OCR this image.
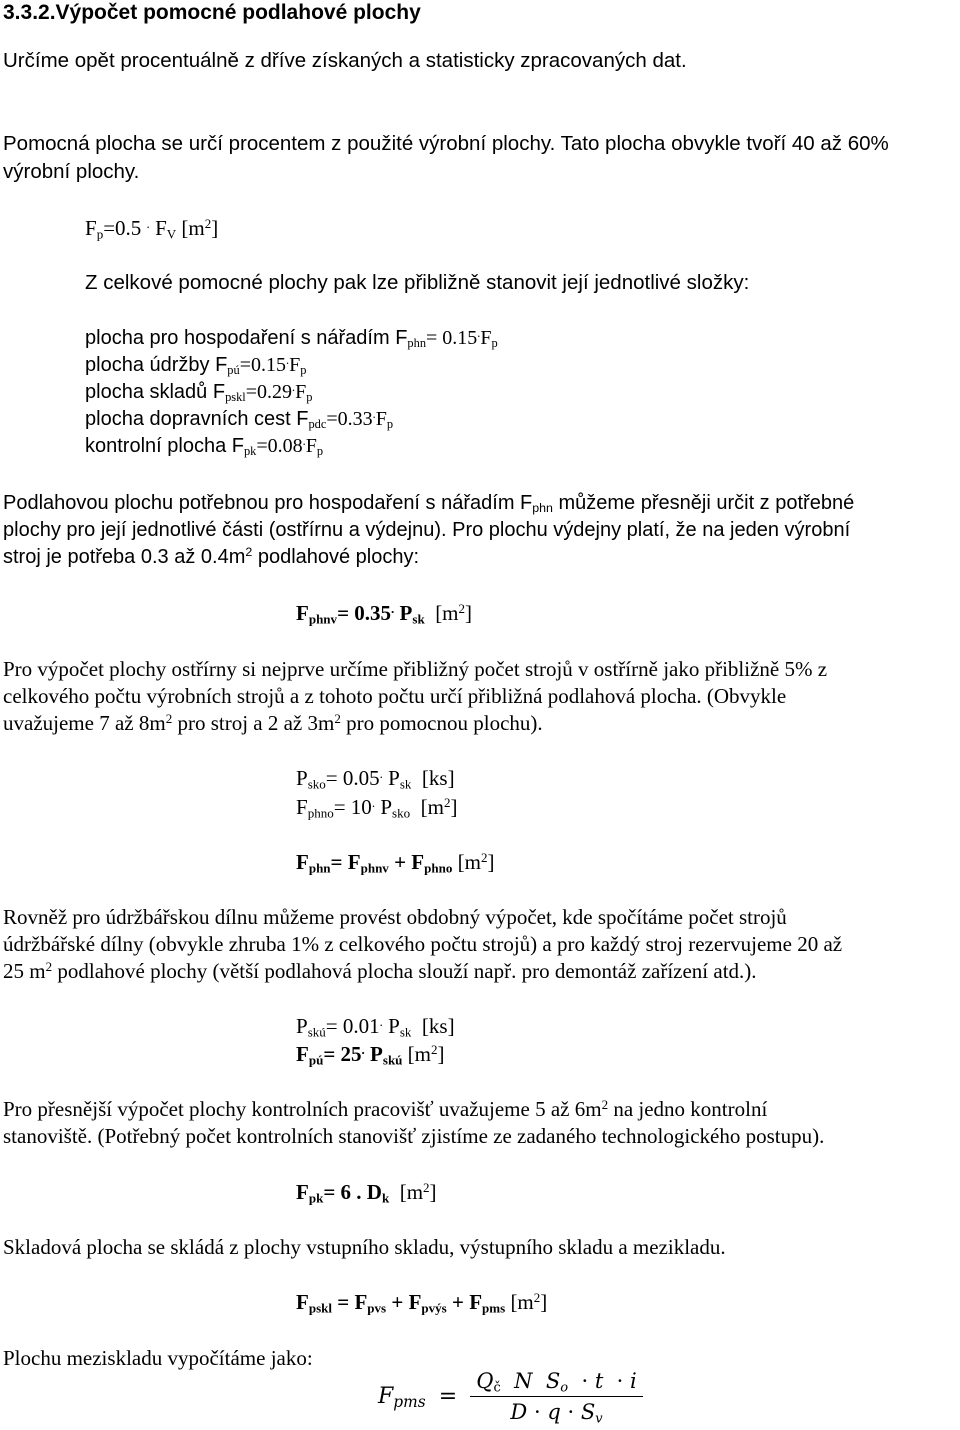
3.3.2.Výpočet pomocné podlahové plochy
Určíme opět procentuálně z dříve získaných a statisticky zpracovaných dat.
Pomocná plocha se určí procentem z použité výrobní plochy. Tato plocha obvykle tvoří 40 až 60%
výrobní plochy.
$F_p=0.5$ . $F_V$ $[m^2]$
Z celkové pomocné plochy pak lze přibližně stanovit její jednotlivé složky:
plocha pro hospodaření s nářadím $F_{phn}= 0.15^.F_p$
plocha údržby $F_{pú}=0.15^.F_p$
plocha skladů $F_{pskl}=0.29^.F_p$
plocha dopravních cest $F_{pdc}=0.33^.F_p$
kontrolní plocha $F_{pk}=0.08^.F_p$
Podlahovou plochu potřebnou pro hospodaření s nářadím $F_{phn}$ můžeme přesněji určit z potřebné
plochy pro její jednotlivé části (ostřírnu a výdejnu). Pro plochu výdejny platí, že na jeden výrobní
stroj je potřeba 0.3 až $0.4m^2$ podlahové plochy:
$F_{phnv}= 0.35^.$ $P_{sk}$ $[m^2]$
Pro výpočet plochy ostřírny si nejprve určíme přibližný počet strojů v ostřírně jako přibližně 5% z
celkového počtu výrobních strojů a z tohoto počtu určí přibližná podlahová plocha. (Obvykle
uvažujeme 7 až $8m^2$ pro stroj a 2 až $3m^2$ pro pomocnou plochu).
$P_{sko}= 0.05^.$ $P_{sk}$ [ks]
$F_{phno}= 10^.$ $P_{sko}$ $[m^2]$
$F_{phn}= F_{phnv} + F_{phno}$ $[m^2]$
Rovněž pro údržbářskou dílnu můžeme provést obdobný výpočet, kde spočítáme počet strojů
údržbářské dílny (obvykle zhruba 1% z celkového počtu strojů) a pro každý stroj rezervujeme 20 až
25 $m^2$ podlahové plochy (větší podlahová plocha slouží např. pro demontáž zařízení atd.).
$P_{skú}= 0.01^.$ $P_{sk}$ [ks]
$F_{pú}= 25^.$ $P_{skú}$ $[m^2]$
Pro přesnější výpočet plochy kontrolních pracovišť uvažujeme 5 až $6m^2$ na jedno kontrolní
stanoviště. (Potřebný počet kontrolních stanovišť zjistíme ze zadaného technologického postupu).
$F_{pk}= 6$ . $D_k$ $[m^2]$
Skladová plocha se skládá z plochy vstupního skladu, výstupního skladu a mezikladu.
$F_{pskl} = F_{pvs} + F_{pvýs} + F_{pms}$ $[m^2]$
Plochu meziskladu vypočítáme jako:
$F_{pms} = \frac{Q_č N S_o \cdot t \cdot i}{D \cdot q \cdot S_v}$
